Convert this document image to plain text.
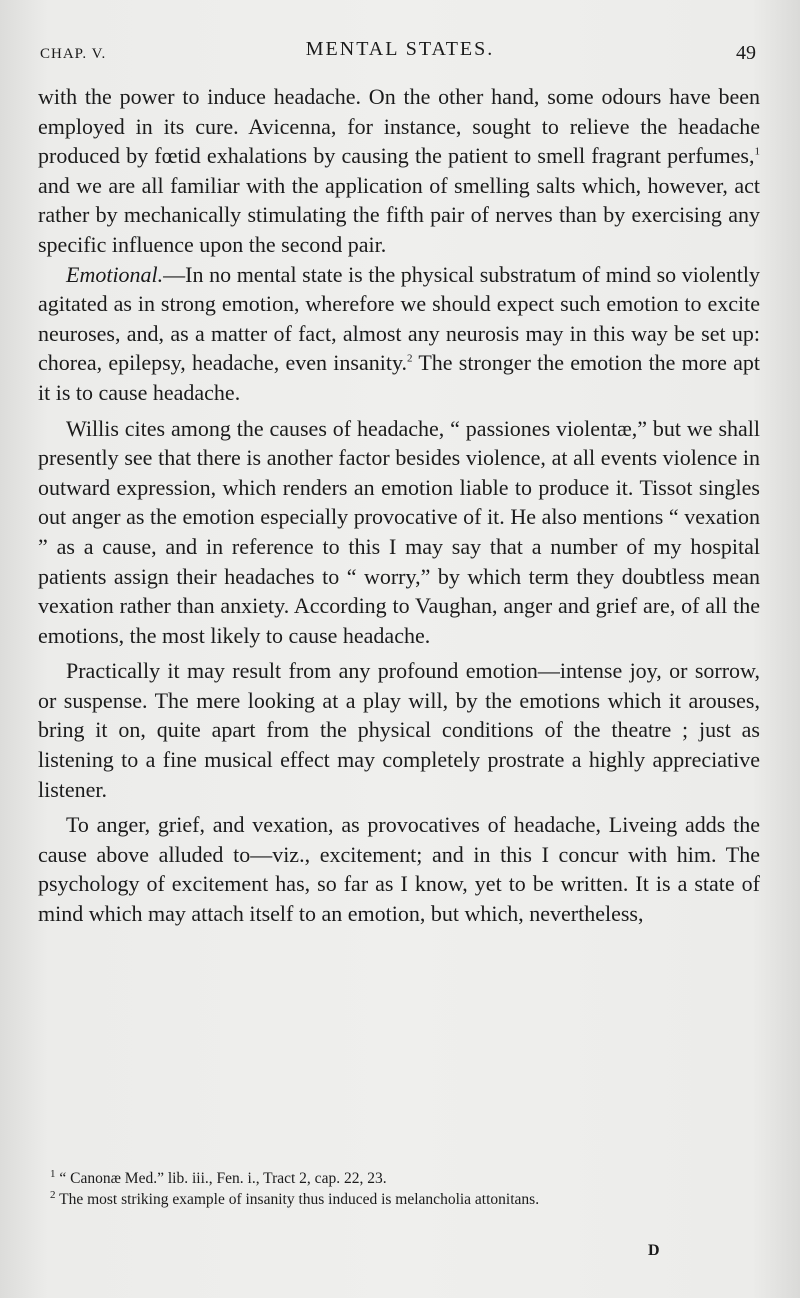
CHAP. V.	MENTAL STATES.	49

with the power to induce headache. On the other hand, some odours have been employed in its cure. Avicenna, for instance, sought to relieve the headache produced by fœtid exhalations by causing the patient to smell fragrant perfumes,$^1$ and we are all familiar with the application of smelling salts which, however, act rather by mechanically stimulating the fifth pair of nerves than by exercising any specific influence upon the second pair.

Emotional.—In no mental state is the physical substratum of mind so violently agitated as in strong emotion, wherefore we should expect such emotion to excite neuroses, and, as a matter of fact, almost any neurosis may in this way be set up: chorea, epilepsy, headache, even insanity.$^2$ The stronger the emotion the more apt it is to cause headache.

Willis cites among the causes of headache, “ passiones violentæ,” but we shall presently see that there is another factor besides violence, at all events violence in outward expression, which renders an emotion liable to produce it. Tissot singles out anger as the emotion especially provocative of it. He also mentions “ vexation ” as a cause, and in reference to this I may say that a number of my hospital patients assign their headaches to “ worry,” by which term they doubtless mean vexation rather than anxiety. According to Vaughan, anger and grief are, of all the emotions, the most likely to cause headache.

Practically it may result from any profound emotion—intense joy, or sorrow, or suspense. The mere looking at a play will, by the emotions which it arouses, bring it on, quite apart from the physical conditions of the theatre ; just as listening to a fine musical effect may completely prostrate a highly appreciative listener.

To anger, grief, and vexation, as provocatives of headache, Liveing adds the cause above alluded to—viz., excitement; and in this I concur with him. The psychology of excitement has, so far as I know, yet to be written. It is a state of mind which may attach itself to an emotion, but which, nevertheless,

$^1$ “ Canonæ Med.” lib. iii., Fen. i., Tract 2, cap. 22, 23.

$^2$ The most striking example of insanity thus induced is melancholia attonitans.

D
